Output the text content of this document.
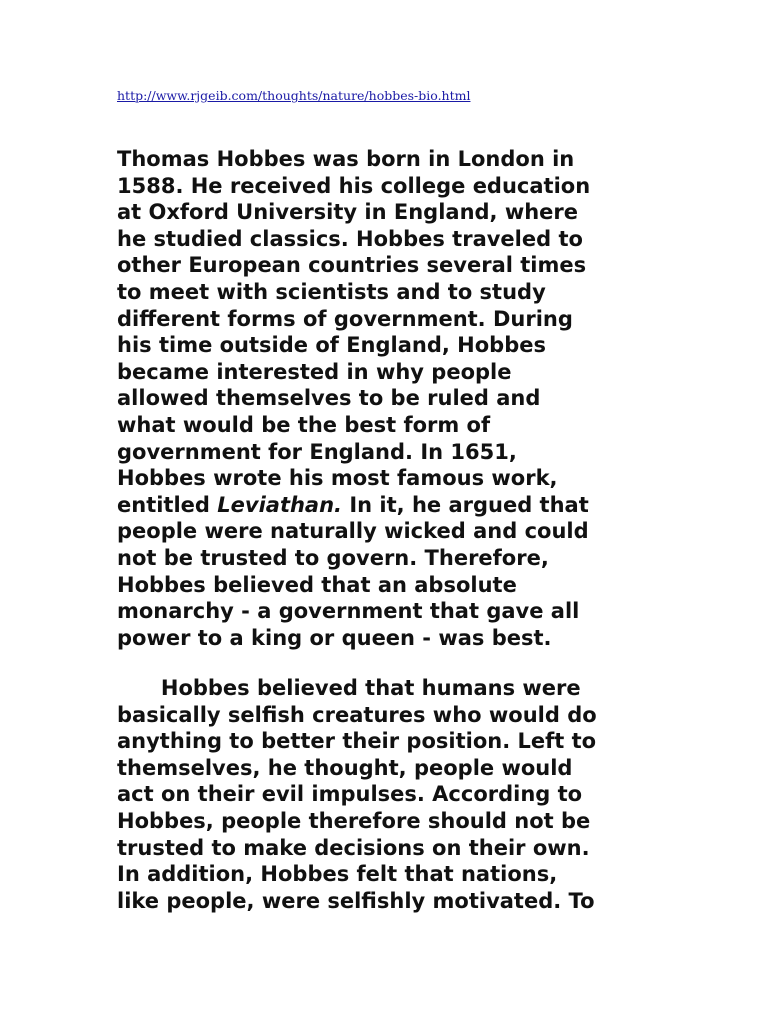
http://www.rjgeib.com/thoughts/nature/hobbes-bio.html
Thomas Hobbes was born in London in
1588. He received his college education
at Oxford University in England, where
he studied classics. Hobbes traveled to
other European countries several times
to meet with scientists and to study
different forms of government. During
his time outside of England, Hobbes
became interested in why people
allowed themselves to be ruled and
what would be the best form of
government for England. In 1651,
Hobbes wrote his most famous work,
entitled Leviathan. In it, he argued that
people were naturally wicked and could
not be trusted to govern. Therefore,
Hobbes believed that an absolute
monarchy - a government that gave all
power to a king or queen - was best.
Hobbes believed that humans were
basically selfish creatures who would do
anything to better their position. Left to
themselves, he thought, people would
act on their evil impulses. According to
Hobbes, people therefore should not be
trusted to make decisions on their own.
In addition, Hobbes felt that nations,
like people, were selfishly motivated. To
